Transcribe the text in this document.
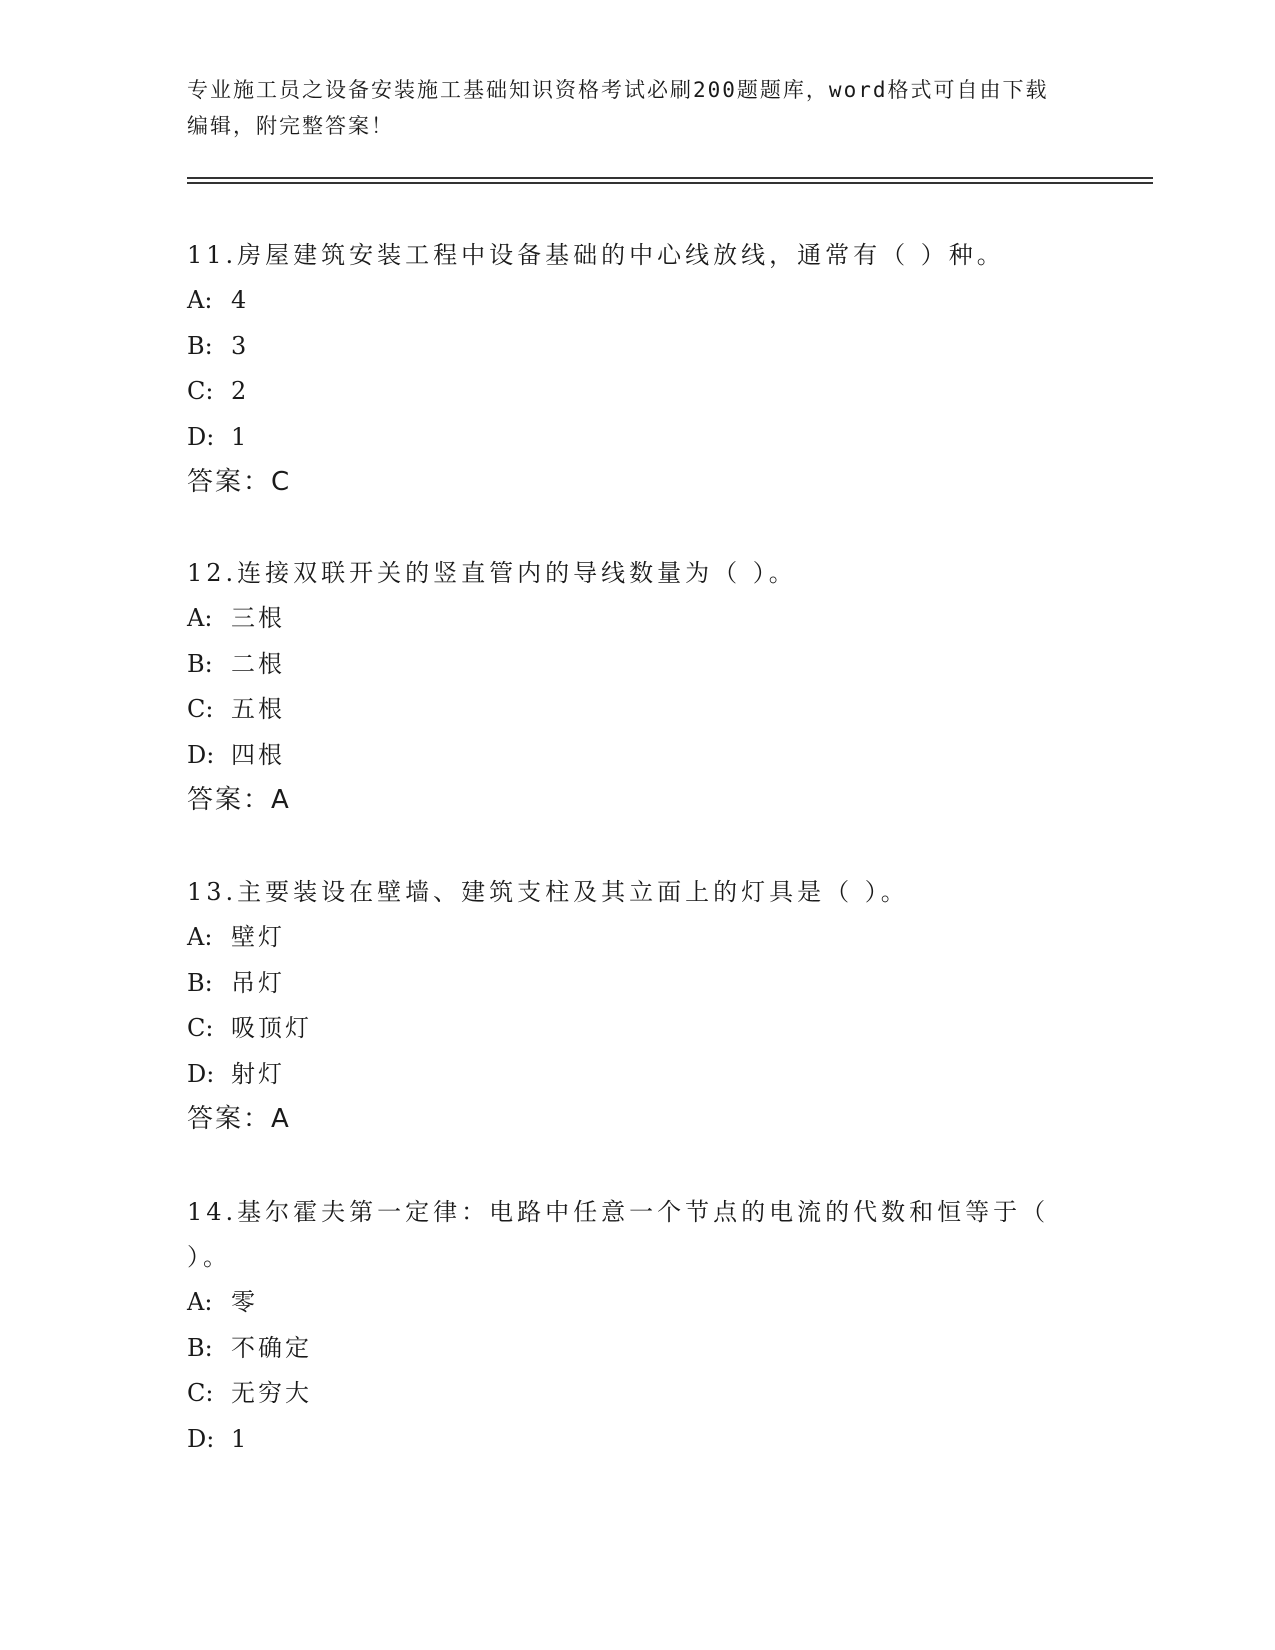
专业施工员之设备安装施工基础知识资格考试必刷200题题库，word格式可自由下载编辑，附完整答案！

11.房屋建筑安装工程中设备基础的中心线放线，通常有（ ）种。

A: 4
B: 3
C: 2
D: 1

答案：C

12.连接双联开关的竖直管内的导线数量为（ ）。

A: 三根
B: 二根
C: 五根
D: 四根

答案：A

13.主要装设在壁墙、建筑支柱及其立面上的灯具是（ ）。

A: 壁灯
B: 吊灯
C: 吸顶灯
D: 射灯

答案：A

14.基尔霍夫第一定律：电路中任意一个节点的电流的代数和恒等于（ ）。

A: 零
B: 不确定
C: 无穷大
D: 1
